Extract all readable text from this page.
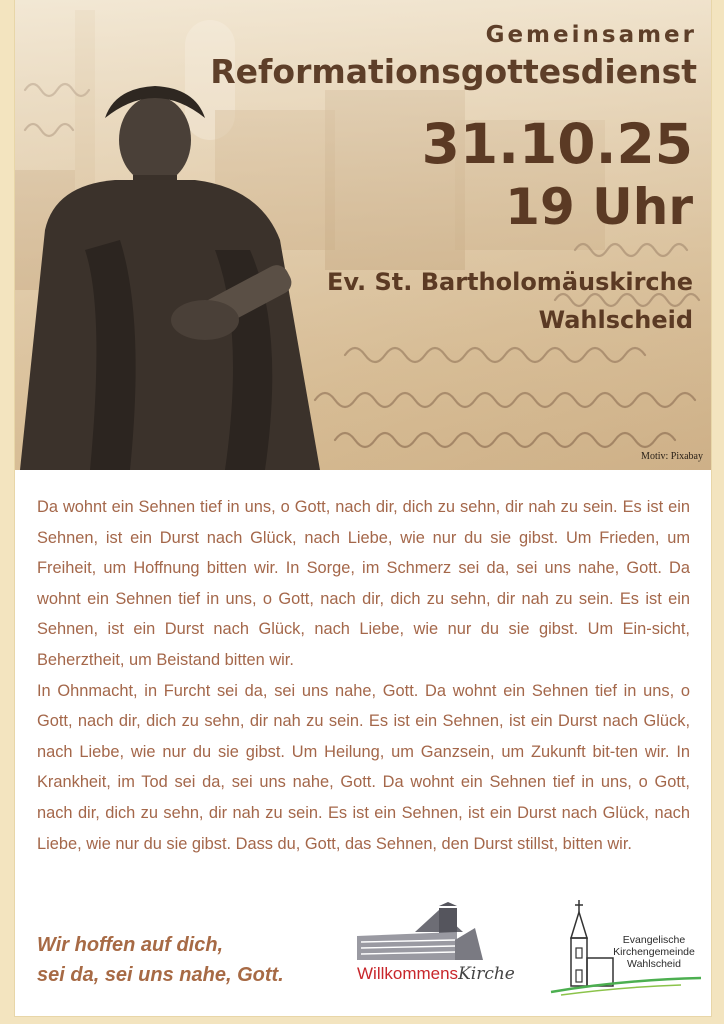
Gemeinsamer
Reformationsgottesdienst
31.10.25
19 Uhr
Ev. St. Bartholomäuskirche
Wahlscheid
Motiv: Pixabay

Da wohnt ein Sehnen tief in uns, o Gott, nach dir, dich zu sehn, dir nah zu sein. Es ist ein Sehnen, ist ein Durst nach Glück, nach Liebe, wie nur du sie gibst. Um Frieden, um Freiheit, um Hoffnung bitten wir. In Sorge, im Schmerz sei da, sei uns nahe, Gott. Da wohnt ein Sehnen tief in uns, o Gott, nach dir, dich zu sehn, dir nah zu sein. Es ist ein Sehnen, ist ein Durst nach Glück, nach Liebe, wie nur du sie gibst. Um Ein-sicht, Beherztheit, um Beistand bitten wir.

In Ohnmacht, in Furcht sei da, sei uns nahe, Gott. Da wohnt ein Sehnen tief in uns, o Gott, nach dir, dich zu sehn, dir nah zu sein. Es ist ein Sehnen, ist ein Durst nach Glück, nach Liebe, wie nur du sie gibst. Um Heilung, um Ganzsein, um Zukunft bit-ten wir. In Krankheit, im Tod sei da, sei uns nahe, Gott. Da wohnt ein Sehnen tief in uns, o Gott, nach dir, dich zu sehn, dir nah zu sein. Es ist ein Sehnen, ist ein Durst nach Glück, nach Liebe, wie nur du sie gibst. Dass du, Gott, das Sehnen, den Durst stillst, bitten wir.

Wir hoffen auf dich,
sei da, sei uns nahe, Gott.	WillkommensKirche
Evangelische
Kirchengemeinde
Wahlscheid
